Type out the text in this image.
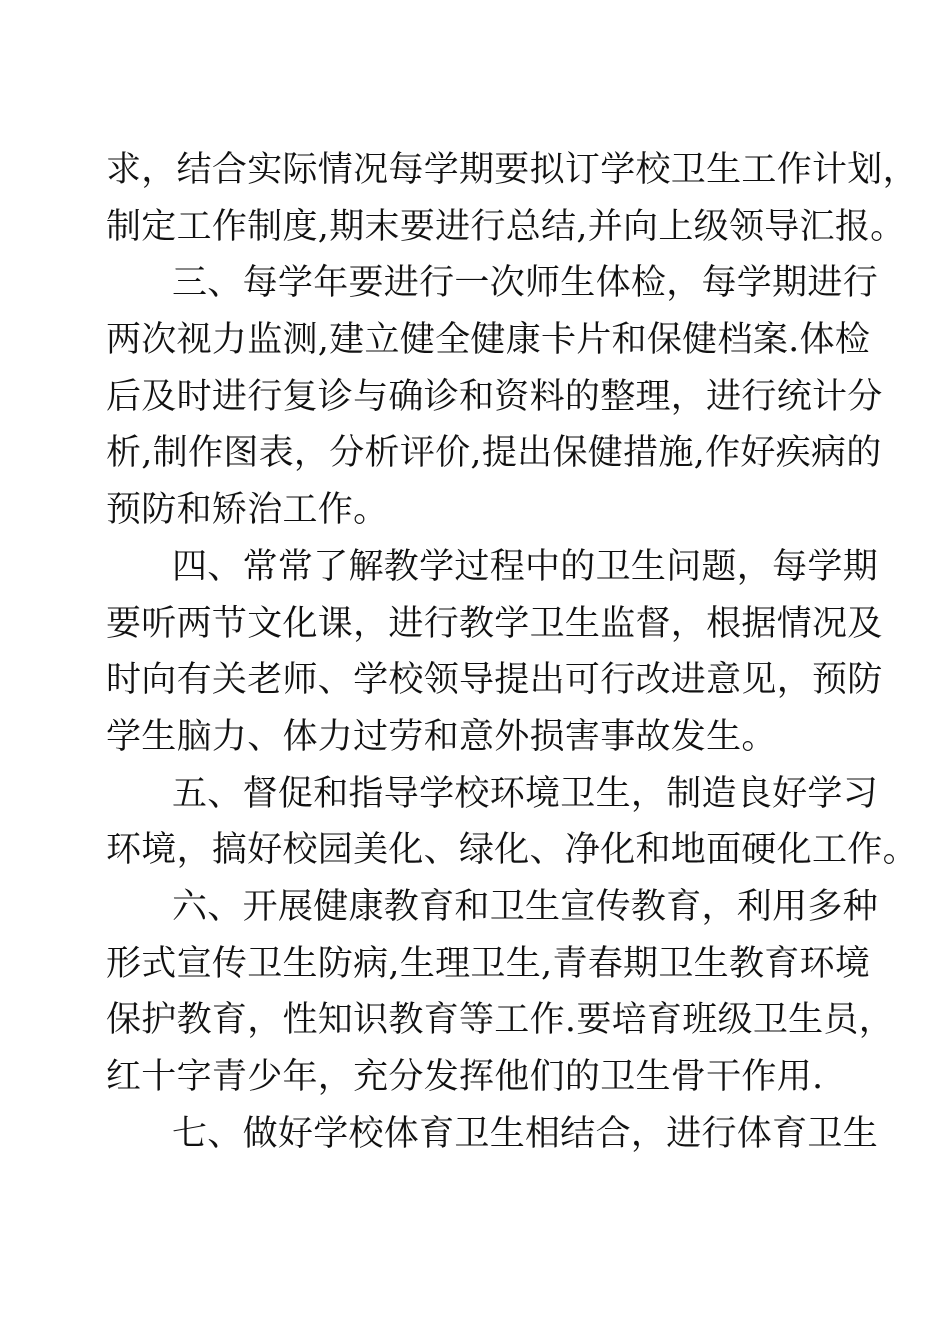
求，结合实际情况每学期要拟订学校卫生工作计划，
制定工作制度,期末要进行总结,并向上级领导汇报。
三、每学年要进行一次师生体检，每学期进行
两次视力监测,建立健全健康卡片和保健档案.体检
后及时进行复诊与确诊和资料的整理，进行统计分
析,制作图表，分析评价,提出保健措施,作好疾病的
预防和矫治工作。
四、常常了解教学过程中的卫生问题，每学期
要听两节文化课，进行教学卫生监督，根据情况及
时向有关老师、学校领导提出可行改进意见，预防
学生脑力、体力过劳和意外损害事故发生。
五、督促和指导学校环境卫生，制造良好学习
环境，搞好校园美化、绿化、净化和地面硬化工作。
六、开展健康教育和卫生宣传教育，利用多种
形式宣传卫生防病,生理卫生,青春期卫生教育环境
保护教育，性知识教育等工作.要培育班级卫生员，
红十字青少年，充分发挥他们的卫生骨干作用.
七、做好学校体育卫生相结合，进行体育卫生
